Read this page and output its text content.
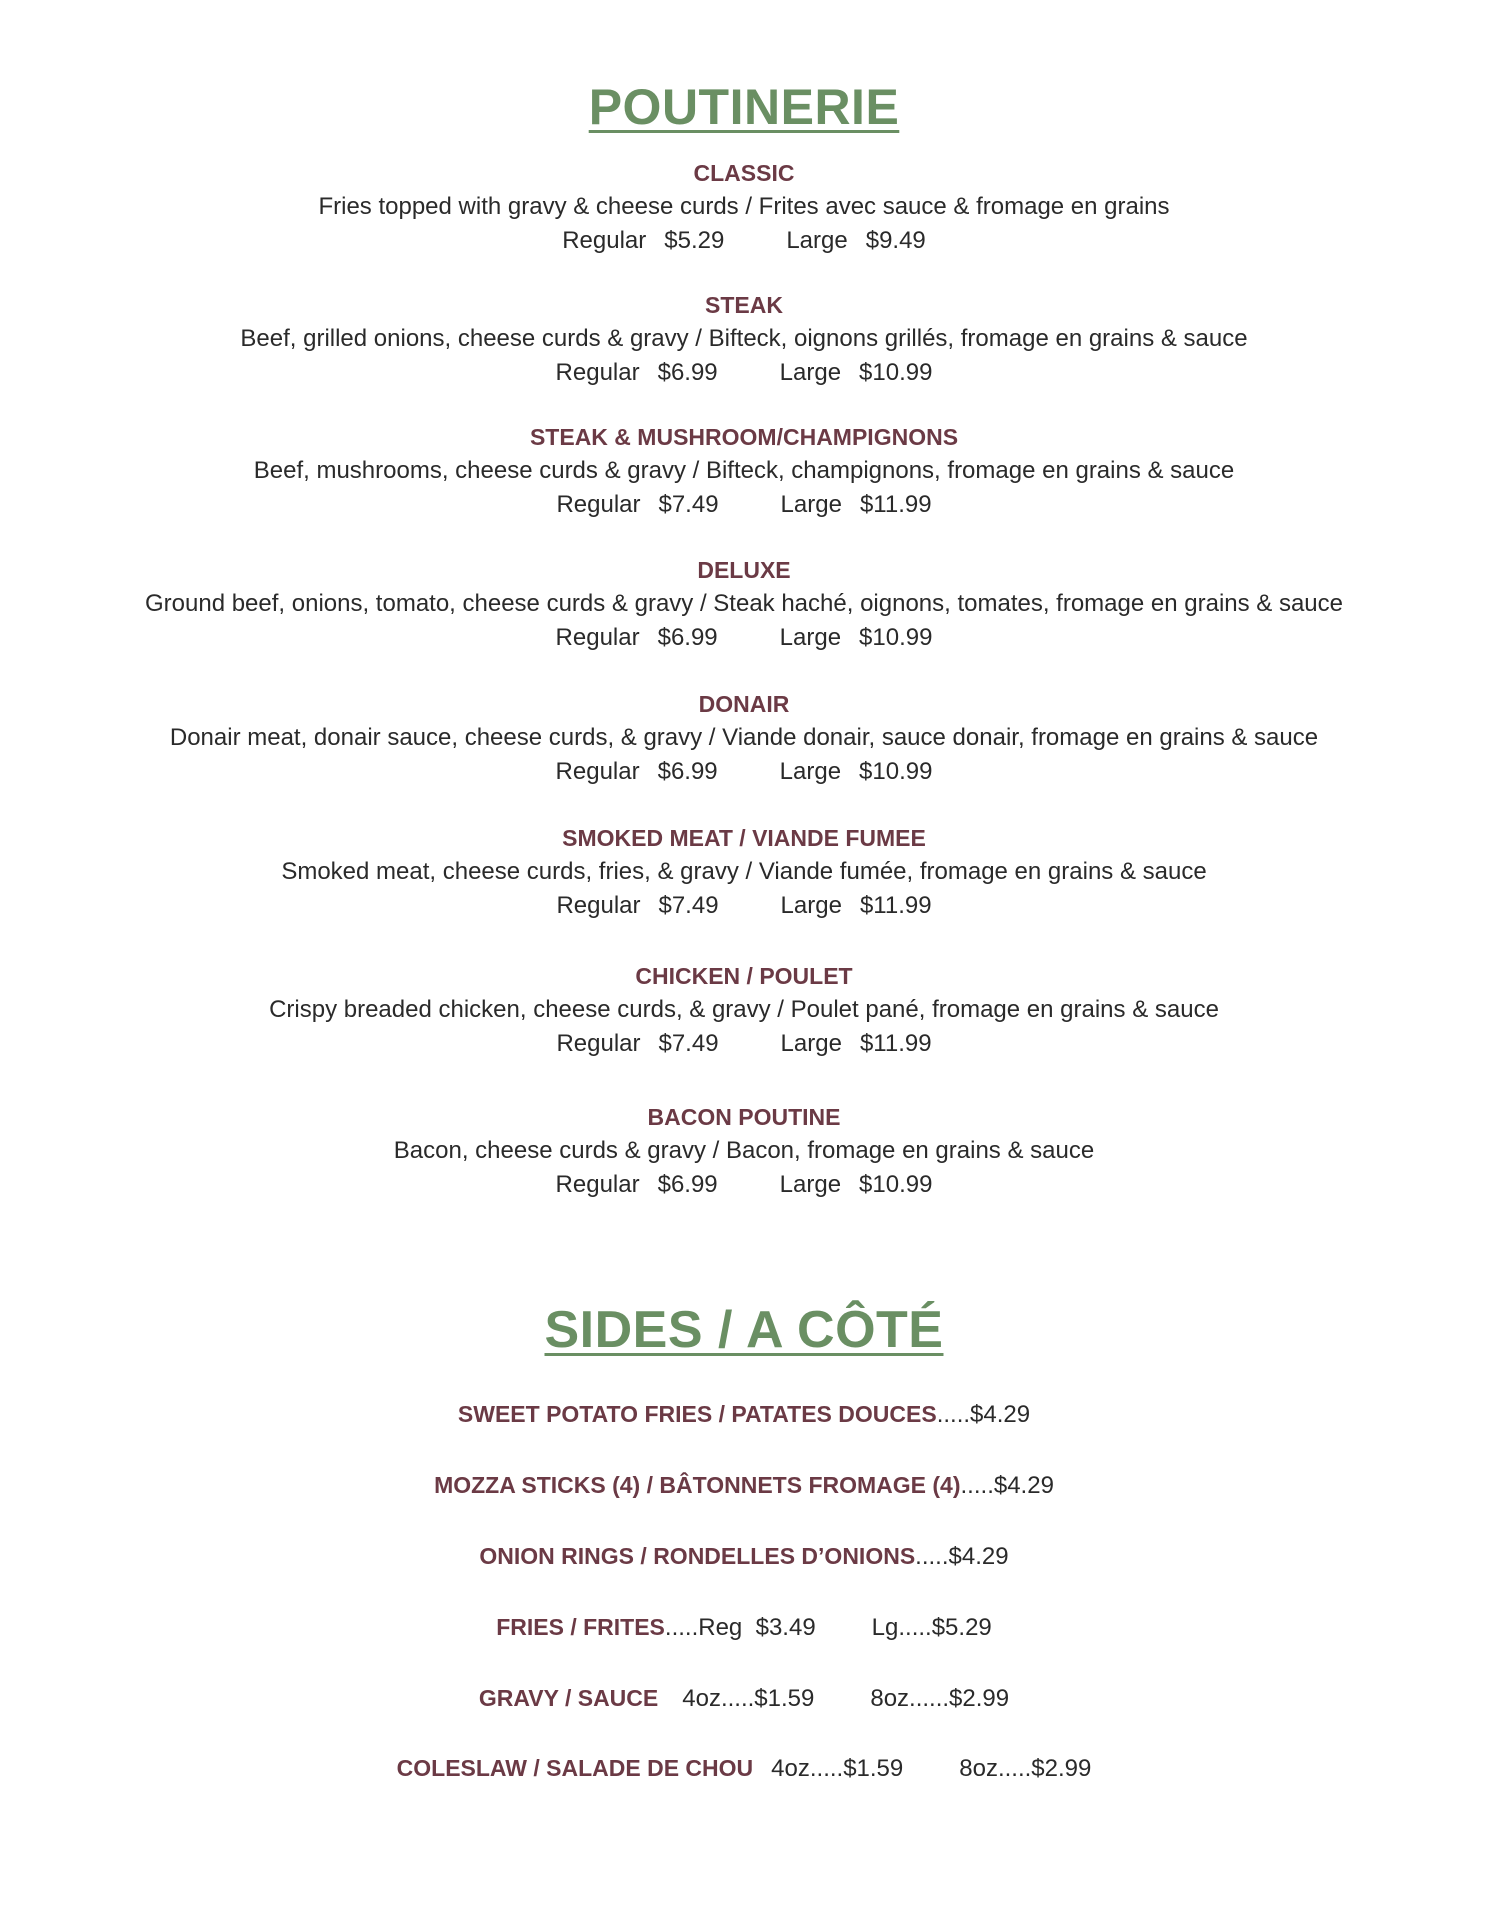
POUTINERIE
CLASSIC
Fries topped with gravy & cheese curds / Frites avec sauce & fromage en grains
Regular $5.29	Large $9.49
STEAK
Beef, grilled onions, cheese curds & gravy / Bifteck, oignons grillés, fromage en grains & sauce
Regular $6.99	Large $10.99
STEAK & MUSHROOM/CHAMPIGNONS
Beef, mushrooms, cheese curds & gravy / Bifteck, champignons, fromage en grains & sauce
Regular $7.49	Large $11.99
DELUXE
Ground beef, onions, tomato, cheese curds & gravy / Steak haché, oignons, tomates, fromage en grains & sauce
Regular $6.99	Large $10.99
DONAIR
Donair meat, donair sauce, cheese curds, & gravy / Viande donair, sauce donair, fromage en grains & sauce
Regular $6.99	Large $10.99
SMOKED MEAT / VIANDE FUMEE
Smoked meat, cheese curds, fries, & gravy / Viande fumée, fromage en grains & sauce
Regular $7.49	Large $11.99
CHICKEN / POULET
Crispy breaded chicken, cheese curds, & gravy / Poulet pané, fromage en grains & sauce
Regular $7.49	Large $11.99
BACON POUTINE
Bacon, cheese curds & gravy / Bacon, fromage en grains & sauce
Regular $6.99	Large $10.99
SIDES / A CÔTÉ
SWEET POTATO FRIES / PATATES DOUCES.....$4.29
MOZZA STICKS (4) / BÂTONNETS FROMAGE (4).....$4.29
ONION RINGS / RONDELLES D’ONIONS.....$4.29
FRIES / FRITES.....Reg  $3.49 Lg.....$5.29
GRAVY / SAUCE 4oz.....$1.59 8oz......$2.99
COLESLAW / SALADE DE CHOU 4oz.....$1.59 8oz.....$2.99
